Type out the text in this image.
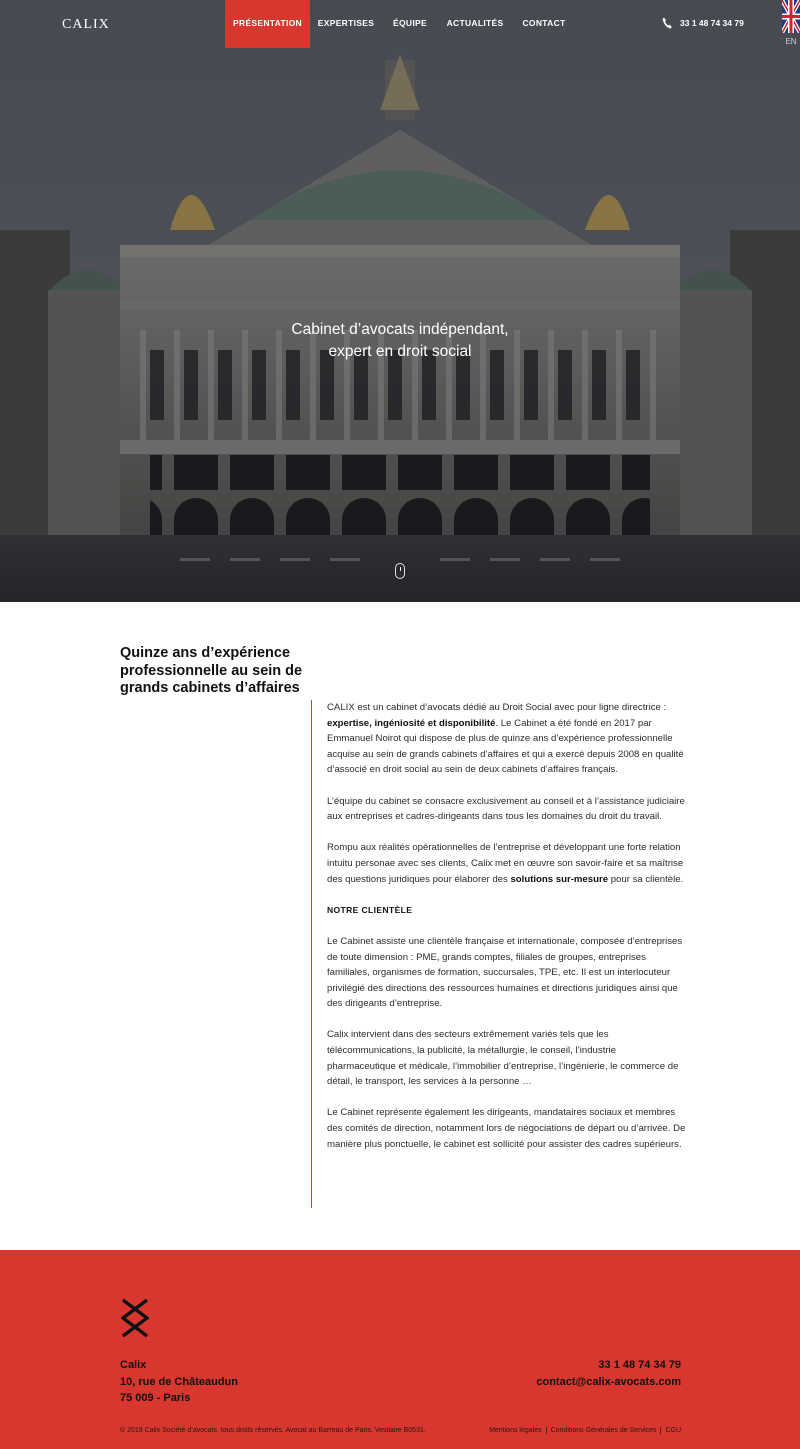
CALIX	PRÉSENTATION	EXPERTISES	ÉQUIPE	ACTUALITÉS CONTACT	33 1 48 74 34 79
EN
Cabinet d’avocats indépendant,
expert en droit social
Quinze ans d’expérience
professionnelle au sein de
grands cabinets d’affaires

CALIX est un cabinet d’avocats dédié au Droit Social avec pour ligne directrice : expertise, ingéniosité et disponibilité. Le Cabinet a été fondé en 2017 par Emmanuel Noirot qui dispose de plus de quinze ans d’expérience professionnelle acquise au sein de grands cabinets d’affaires et qui a exercé depuis 2008 en qualité d’associé en droit social au sein de deux cabinets d’affaires français.

L’équipe du cabinet se consacre exclusivement au conseil et à l’assistance judiciaire aux entreprises et cadres-dirigeants dans tous les domaines du droit du travail.

Rompu aux réalités opérationnelles de l’entreprise et développant une forte relation intuitu personae avec ses clients, Calix met en œuvre son savoir-faire et sa maîtrise des questions juridiques pour élaborer des solutions sur-mesure pour sa clientèle.

NOTRE CLIENTÈLE

Le Cabinet assiste une clientèle française et internationale, composée d’entreprises de toute dimension : PME, grands comptes, filiales de groupes, entreprises familiales, organismes de formation, succursales, TPE, etc. Il est un interlocuteur privilégié des directions des ressources humaines et directions juridiques ainsi que des dirigeants d’entreprise.

Calix intervient dans des secteurs extrêmement variés tels que les télécommunications, la publicité, la métallurgie, le conseil, l’industrie pharmaceutique et médicale, l’immobilier d’entreprise, l’ingénierie, le commerce de détail, le transport, les services à la personne …

Le Cabinet représente également les dirigeants, mandataires sociaux et membres des comités de direction, notamment lors de négociations de départ ou d’arrivée. De manière plus ponctuelle, le cabinet est sollicité pour assister des cadres supérieurs.

Calix
10, rue de Châteaudun
75 009 - Paris
33 1 48 74 34 79
contact@calix-avocats.com
© 2019 Calix Société d’avocats, tous droits réservés. Avocat au Barreau de Paris. Vestiaire B0531.	Mentions légales	Conditions Générales de Services	CGU
